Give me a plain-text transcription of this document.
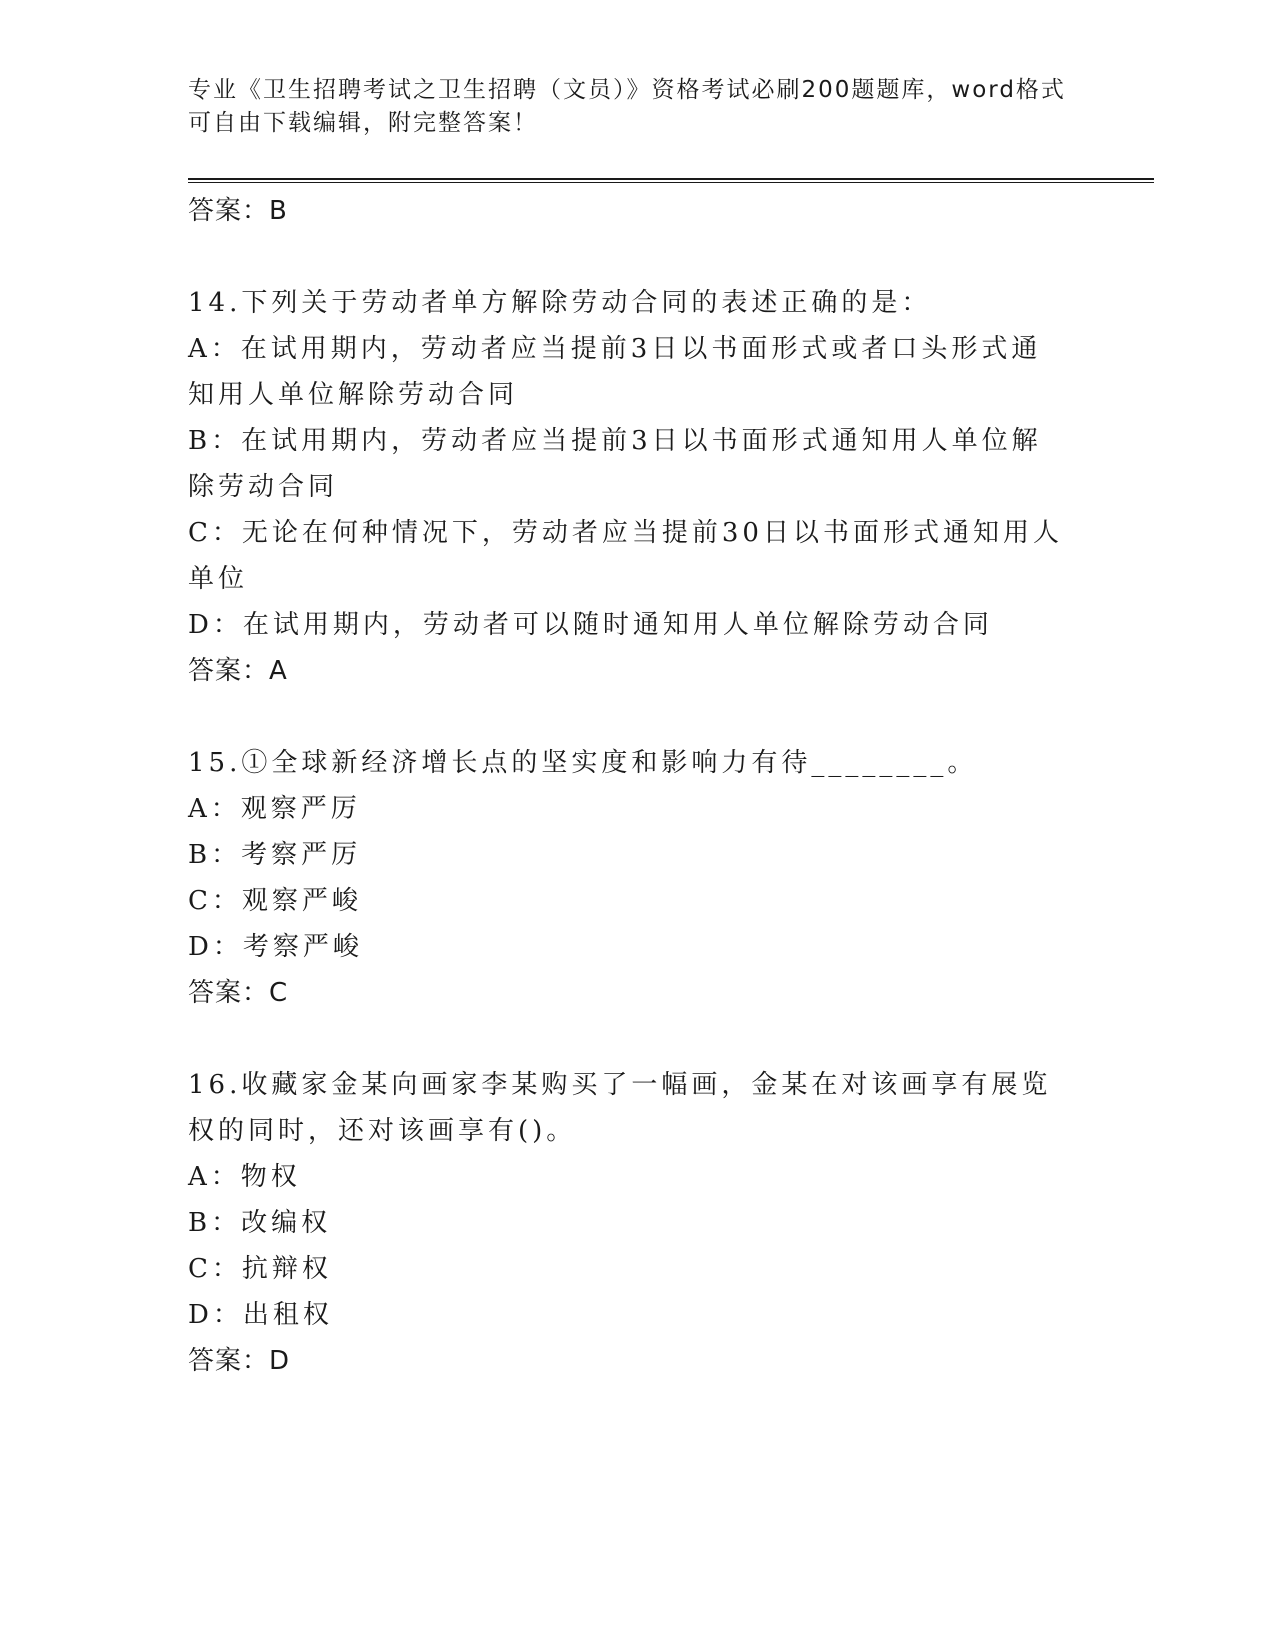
专业《卫生招聘考试之卫生招聘（文员）》资格考试必刷200题题库，word格式可自由下载编辑，附完整答案！

答案：B

14.下列关于劳动者单方解除劳动合同的表述正确的是：

A：在试用期内，劳动者应当提前3日以书面形式或者口头形式通知用人单位解除劳动合同

B：在试用期内，劳动者应当提前3日以书面形式通知用人单位解除劳动合同

C：无论在何种情况下，劳动者应当提前30日以书面形式通知用人单位

D：在试用期内，劳动者可以随时通知用人单位解除劳动合同

答案：A

15.①全球新经济增长点的坚实度和影响力有待________。

A：观察严厉

B：考察严厉

C：观察严峻

D：考察严峻

答案：C

16.收藏家金某向画家李某购买了一幅画，金某在对该画享有展览权的同时，还对该画享有()。

A：物权

B：改编权

C：抗辩权

D：出租权

答案：D
